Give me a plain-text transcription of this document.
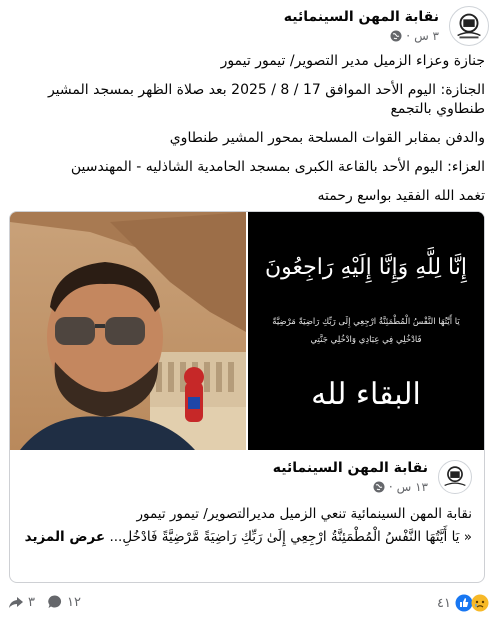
نقابة المهن السينمائيه
٣ س
·

جنازة وعزاء الزميل مدير التصوير/ تيمور تيمور

الجنازة: اليوم الأحد الموافق 17 / 8 / 2025 بعد صلاة الظهر بمسجد المشير طنطاوي بالتجمع

والدفن بمقابر القوات المسلحة بمحور المشير طنطاوي

العزاء: اليوم الأحد بالقاعة الكبرى بمسجد الحامدية الشاذليه - المهندسين

تغمد الله الفقيد بواسع رحمته

إِنَّا لِلَّهِ وَإِنَّا إِلَيْهِ رَاجِعُونَ
يَا أَيَّتُهَا النَّفْسُ الْمُطْمَئِنَّةُ ارْجِعِي إِلَى رَبِّكِ رَاضِيَةً مَرْضِيَّةً
فَادْخُلِي فِي عِبَادِي وَادْخُلِي جَنَّتِي
البقاء لله
نقابة المهن السينمائيه
١٣ س
·

نقابة المهن السينمائية تنعي الزميل مديرالتصوير/ تيمور تيمور

« يَا أَيَّتُهَا النَّفْسُ الْمُطْمَئِنَّةُ ارْجِعِي إِلَىٰ رَبِّكِ رَاضِيَةً مَّرْضِيَّةً فَادْخُلِ... عرض المزيد

٤١
٣ ١٢
